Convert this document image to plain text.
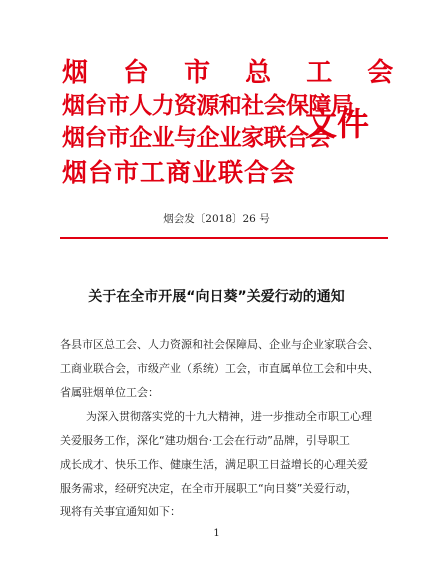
烟 台 市 总 工 会
烟台市人力资源和社会保障局
烟台市企业与企业家联合会
烟台市工商业联合会
文件
烟会发〔2018〕26 号
关于在全市开展“向日葵”关爱行动的通知
各县市区总工会、人力资源和社会保障局、企业与企业家联合会、
工商业联合会，市级产业（系统）工会，市直属单位工会和中央、
省属驻烟单位工会：
为深入贯彻落实党的十九大精神，进一步推动全市职工心理
关爱服务工作，深化“建功烟台·工会在行动”品牌，引导职工
成长成才、快乐工作、健康生活，满足职工日益增长的心理关爱
服务需求，经研究决定，在全市开展职工“向日葵”关爱行动，
现将有关事宜通知如下：
1
